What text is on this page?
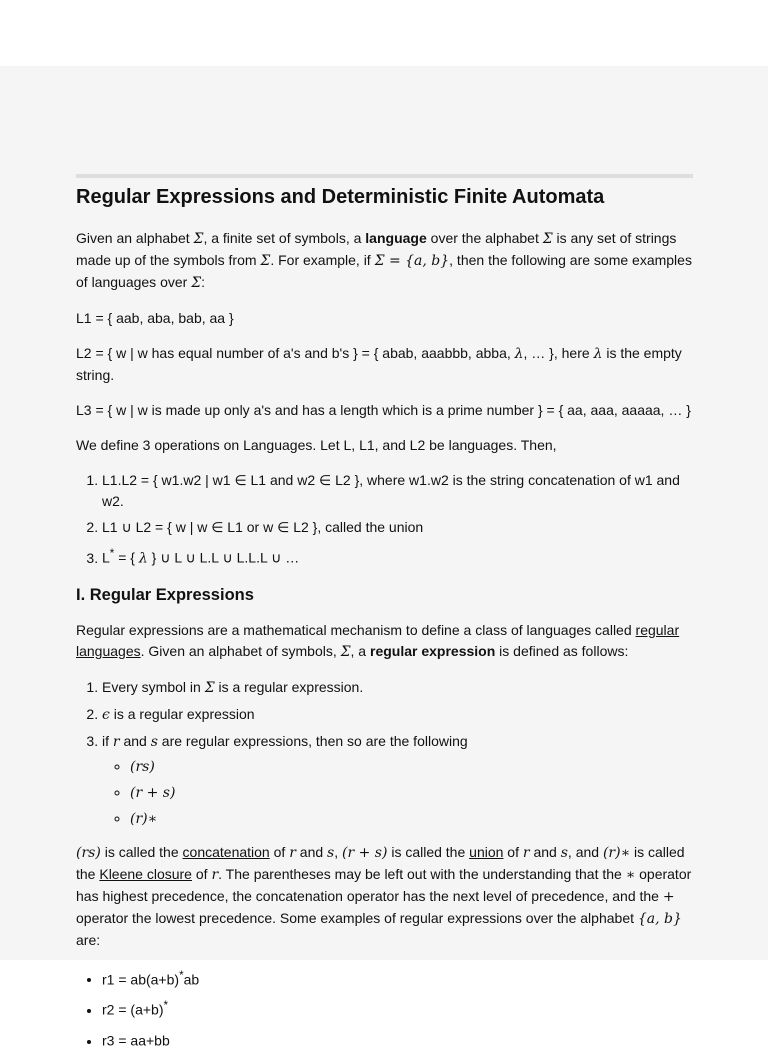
Regular Expressions and Deterministic Finite Automata

Given an alphabet Σ, a finite set of symbols, a language over the alphabet Σ is any set of strings made up of the symbols from Σ. For example, if Σ = {a, b}, then the following are some examples of languages over Σ:

L1 = { aab, aba, bab, aa }

L2 = { w | w has equal number of a's and b's } = { abab, aaabbb, abba, λ, … }, here λ is the empty string.

L3 = { w | w is made up only a's and has a length which is a prime number } = { aa, aaa, aaaaa, … }

We define 3 operations on Languages. Let L, L1, and L2 be languages. Then,

1. L1.L2 = { w1.w2 | w1 ∈ L1 and w2 ∈ L2 }, where w1.w2 is the string concatenation of w1 and w2.
2. L1 ∪ L2 = { w | w ∈ L1 or w ∈ L2 }, called the union
3. L* = { λ } ∪ L ∪ L.L ∪ L.L.L ∪ …
I. Regular Expressions

Regular expressions are a mathematical mechanism to define a class of languages called regular languages. Given an alphabet of symbols, Σ, a regular expression is defined as follows:

1. Every symbol in Σ is a regular expression.
2. ϵ is a regular expression
3. if r and s are regular expressions, then so are the following
◦ (rs)
◦ (r + s)
◦ (r)∗

(rs) is called the concatenation of r and s, (r + s) is called the union of r and s, and (r)∗ is called the Kleene closure of r. The parentheses may be left out with the understanding that the ∗ operator has highest precedence, the concatenation operator has the next level of precedence, and the + operator the lowest precedence. Some examples of regular expressions over the alphabet {a, b} are:

• r1 = ab(a+b)*ab
• r2 = (a+b)*
• r3 = aa+bb
